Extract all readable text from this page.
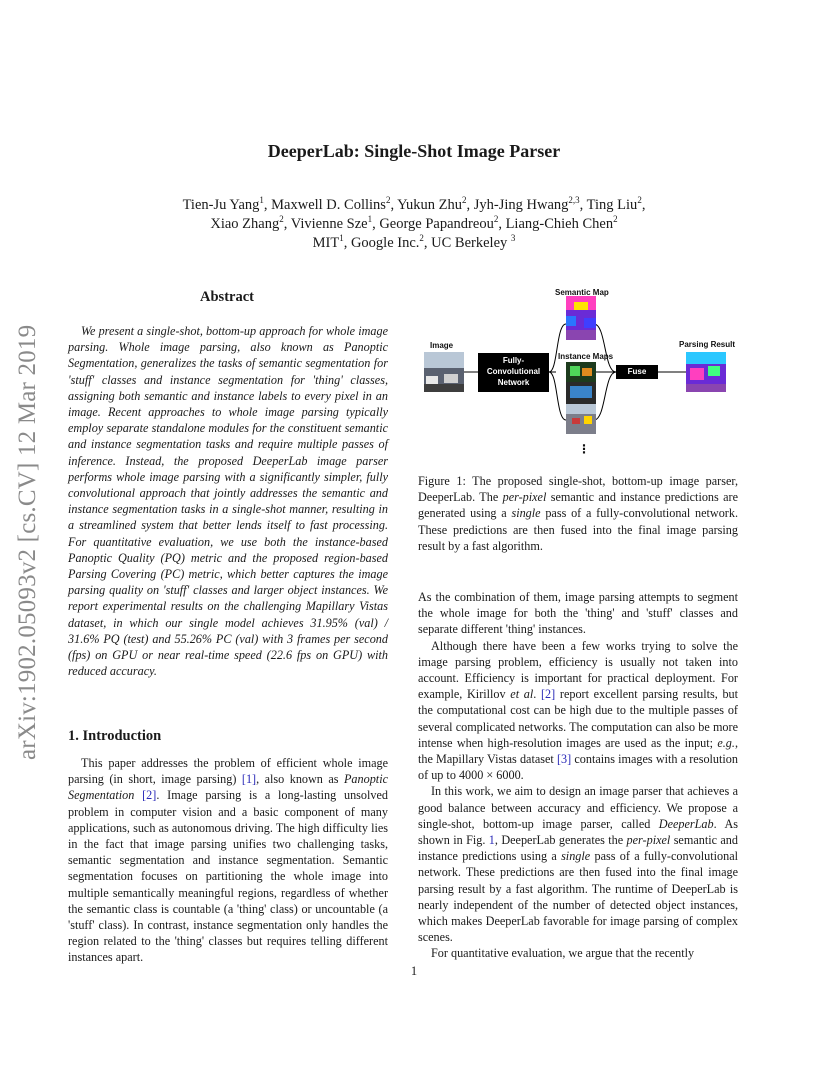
DeeperLab: Single-Shot Image Parser
Tien-Ju Yang$^1$, Maxwell D. Collins$^2$, Yukun Zhu$^2$, Jyh-Jing Hwang$^{2,3}$, Ting Liu$^2$,
Xiao Zhang$^2$, Vivienne Sze$^1$, George Papandreou$^2$, Liang-Chieh Chen$^2$
MIT$^1$, Google Inc.$^2$, UC Berkeley $^3$
arXiv:1902.05093v2 [cs.CV] 12 Mar 2019
Abstract

We present a single-shot, bottom-up approach for whole image parsing. Whole image parsing, also known as Panoptic Segmentation, generalizes the tasks of semantic segmentation for 'stuff' classes and instance segmentation for 'thing' classes, assigning both semantic and instance labels to every pixel in an image. Recent approaches to whole image parsing typically employ separate standalone modules for the constituent semantic and instance segmentation tasks and require multiple passes of inference. Instead, the proposed DeeperLab image parser performs whole image parsing with a significantly simpler, fully convolutional approach that jointly addresses the semantic and instance segmentation tasks in a single-shot manner, resulting in a streamlined system that better lends itself to fast processing. For quantitative evaluation, we use both the instance-based Panoptic Quality (PQ) metric and the proposed region-based Parsing Covering (PC) metric, which better captures the image parsing quality on 'stuff' classes and larger object instances. We report experimental results on the challenging Mapillary Vistas dataset, in which our single model achieves 31.95% (val) / 31.6% PQ (test) and 55.26% PC (val) with 3 frames per second (fps) on GPU or near real-time speed (22.6 fps on GPU) with reduced accuracy.

1. Introduction

This paper addresses the problem of efficient whole image parsing (in short, image parsing) [1], also known as Panoptic Segmentation [2]. Image parsing is a long-lasting unsolved problem in computer vision and a basic component of many applications, such as autonomous driving. The high difficulty lies in the fact that image parsing unifies two challenging tasks, semantic segmentation and instance segmentation. Semantic segmentation focuses on partitioning the whole image into multiple semantically meaningful regions, regardless of whether the semantic class is countable (a 'thing' class) or uncountable (a 'stuff' class). In contrast, instance segmentation only handles the region related to the 'thing' classes but requires telling different instances apart.

Semantic Map
Image
Fully-Convolutional Network
Instance Maps
Fuse
Parsing Result
⋮
Figure 1: The proposed single-shot, bottom-up image parser, DeeperLab. The per-pixel semantic and instance predictions are generated using a single pass of a fully-convolutional network. These predictions are then fused into the final image parsing result by a fast algorithm.

As the combination of them, image parsing attempts to segment the whole image for both the 'thing' and 'stuff' classes and separate different 'thing' instances.

Although there have been a few works trying to solve the image parsing problem, efficiency is usually not taken into account. Efficiency is important for practical deployment. For example, Kirillov et al. [2] report excellent parsing results, but the computational cost can be high due to the multiple passes of several complicated networks. The computation can also be more intense when high-resolution images are used as the input; e.g., the Mapillary Vistas dataset [3] contains images with a resolution of up to 4000 × 6000.

In this work, we aim to design an image parser that achieves a good balance between accuracy and efficiency. We propose a single-shot, bottom-up image parser, called DeeperLab. As shown in Fig. 1, DeeperLab generates the per-pixel semantic and instance predictions using a single pass of a fully-convolutional network. These predictions are then fused into the final image parsing result by a fast algorithm. The runtime of DeeperLab is nearly independent of the number of detected object instances, which makes DeeperLab favorable for image parsing of complex scenes.

For quantitative evaluation, we argue that the recently

1
